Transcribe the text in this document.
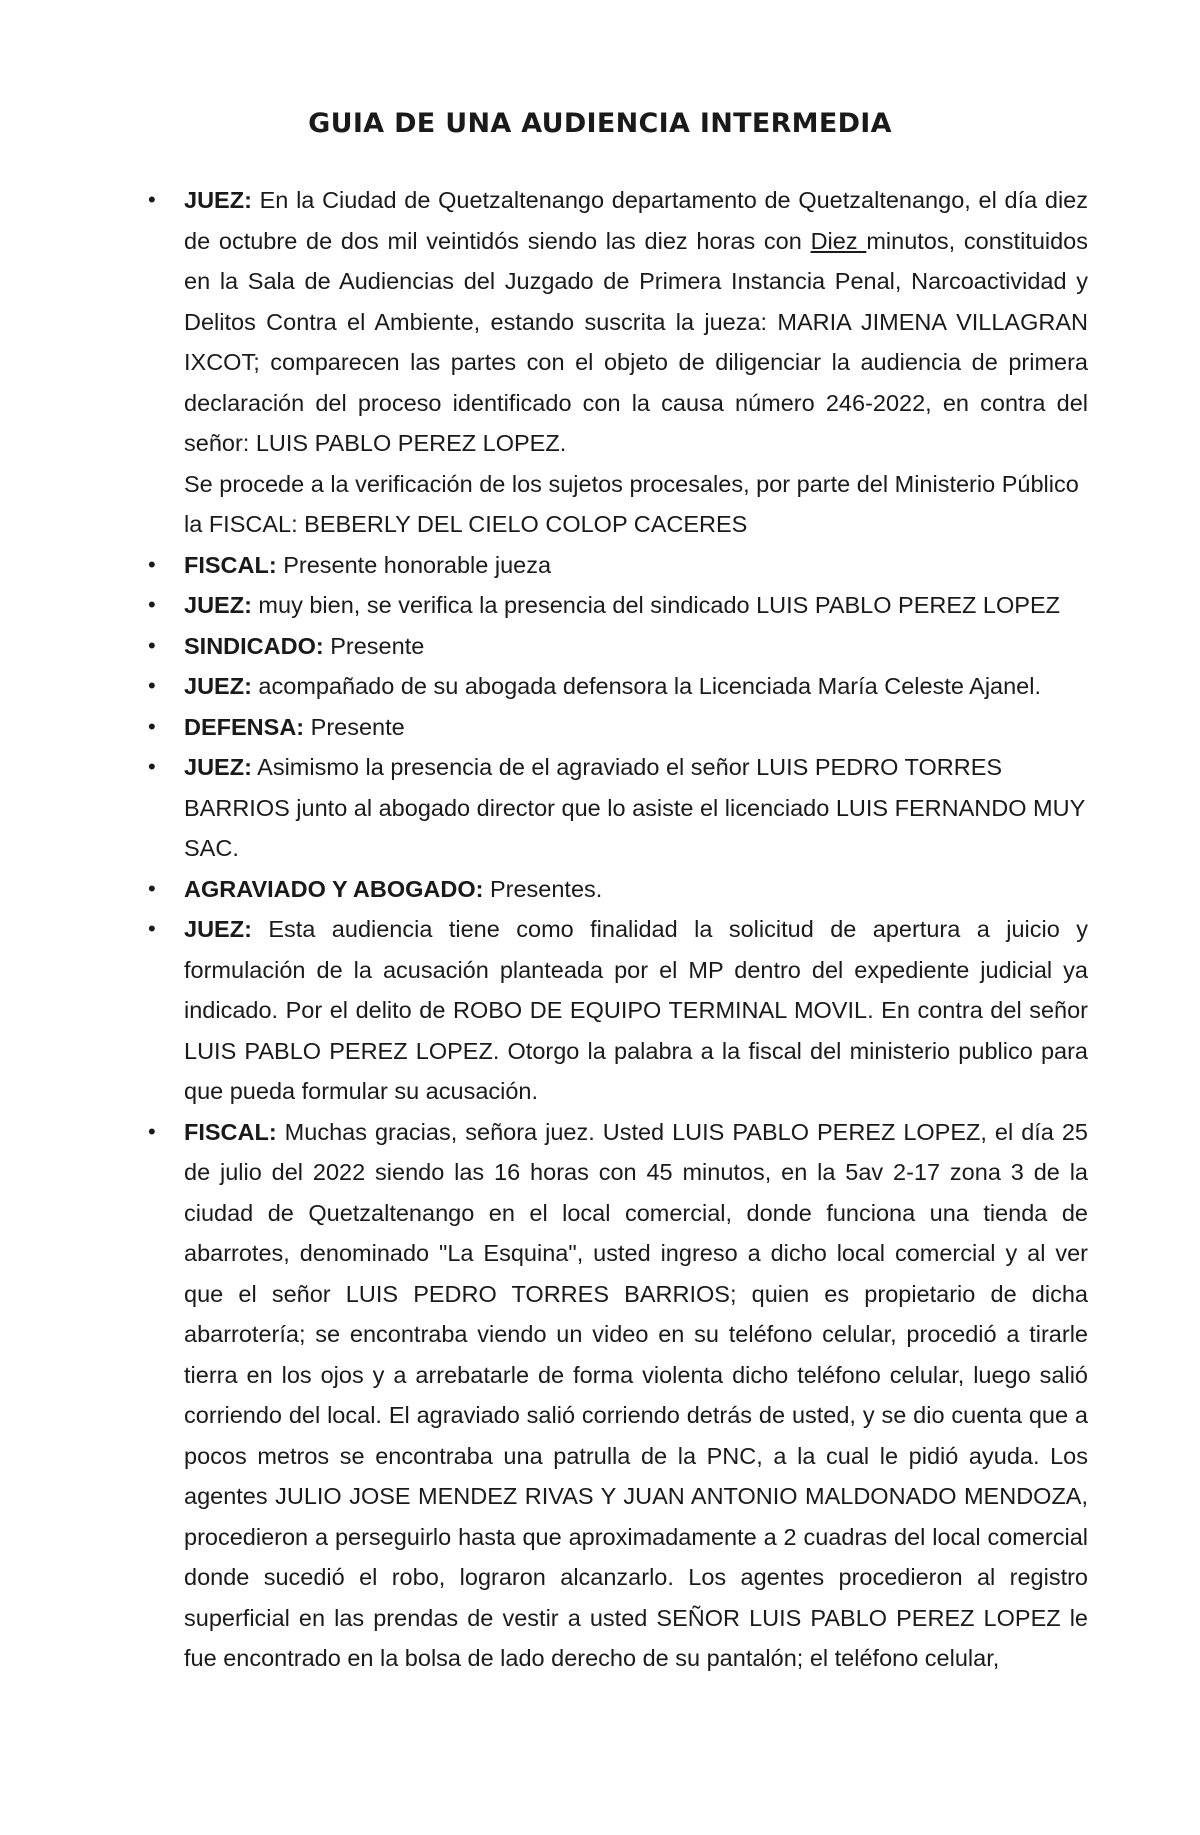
GUIA DE UNA AUDIENCIA INTERMEDIA
• JUEZ: En la Ciudad de Quetzaltenango departamento de Quetzaltenango, el día diez de octubre de dos mil veintidós siendo las diez horas con Diez minutos, constituidos en la Sala de Audiencias del Juzgado de Primera Instancia Penal, Narcoactividad y Delitos Contra el Ambiente, estando suscrita la jueza: MARIA JIMENA VILLAGRAN IXCOT; comparecen las partes con el objeto de diligenciar la audiencia de primera declaración del proceso identificado con la causa número 246-2022, en contra del señor: LUIS PABLO PEREZ LOPEZ.

Se procede a la verificación de los sujetos procesales, por parte del Ministerio Público la FISCAL: BEBERLY DEL CIELO COLOP CACERES

• FISCAL: Presente honorable jueza

• JUEZ: muy bien, se verifica la presencia del sindicado LUIS PABLO PEREZ LOPEZ

• SINDICADO: Presente

• JUEZ: acompañado de su abogada defensora la Licenciada María Celeste Ajanel.

• DEFENSA: Presente

• JUEZ: Asimismo la presencia de el agraviado el señor LUIS PEDRO TORRES BARRIOS junto al abogado director que lo asiste el licenciado LUIS FERNANDO MUY SAC.

• AGRAVIADO Y ABOGADO: Presentes.

• JUEZ: Esta audiencia tiene como finalidad la solicitud de apertura a juicio y formulación de la acusación planteada por el MP dentro del expediente judicial ya indicado. Por el delito de ROBO DE EQUIPO TERMINAL MOVIL. En contra del señor LUIS PABLO PEREZ LOPEZ. Otorgo la palabra a la fiscal del ministerio publico para que pueda formular su acusación.

• FISCAL: Muchas gracias, señora juez. Usted LUIS PABLO PEREZ LOPEZ, el día 25 de julio del 2022 siendo las 16 horas con 45 minutos, en la 5av 2-17 zona 3 de la ciudad de Quetzaltenango en el local comercial, donde funciona una tienda de abarrotes, denominado "La Esquina", usted ingreso a dicho local comercial y al ver que el señor LUIS PEDRO TORRES BARRIOS; quien es propietario de dicha abarrotería; se encontraba viendo un video en su teléfono celular, procedió a tirarle tierra en los ojos y a arrebatarle de forma violenta dicho teléfono celular, luego salió corriendo del local. El agraviado salió corriendo detrás de usted, y se dio cuenta que a pocos metros se encontraba una patrulla de la PNC, a la cual le pidió ayuda. Los agentes JULIO JOSE MENDEZ RIVAS Y JUAN ANTONIO MALDONADO MENDOZA, procedieron a perseguirlo hasta que aproximadamente a 2 cuadras del local comercial donde sucedió el robo, lograron alcanzarlo. Los agentes procedieron al registro superficial en las prendas de vestir a usted SEÑOR LUIS PABLO PEREZ LOPEZ le fue encontrado en la bolsa de lado derecho de su pantalón; el teléfono celular,
